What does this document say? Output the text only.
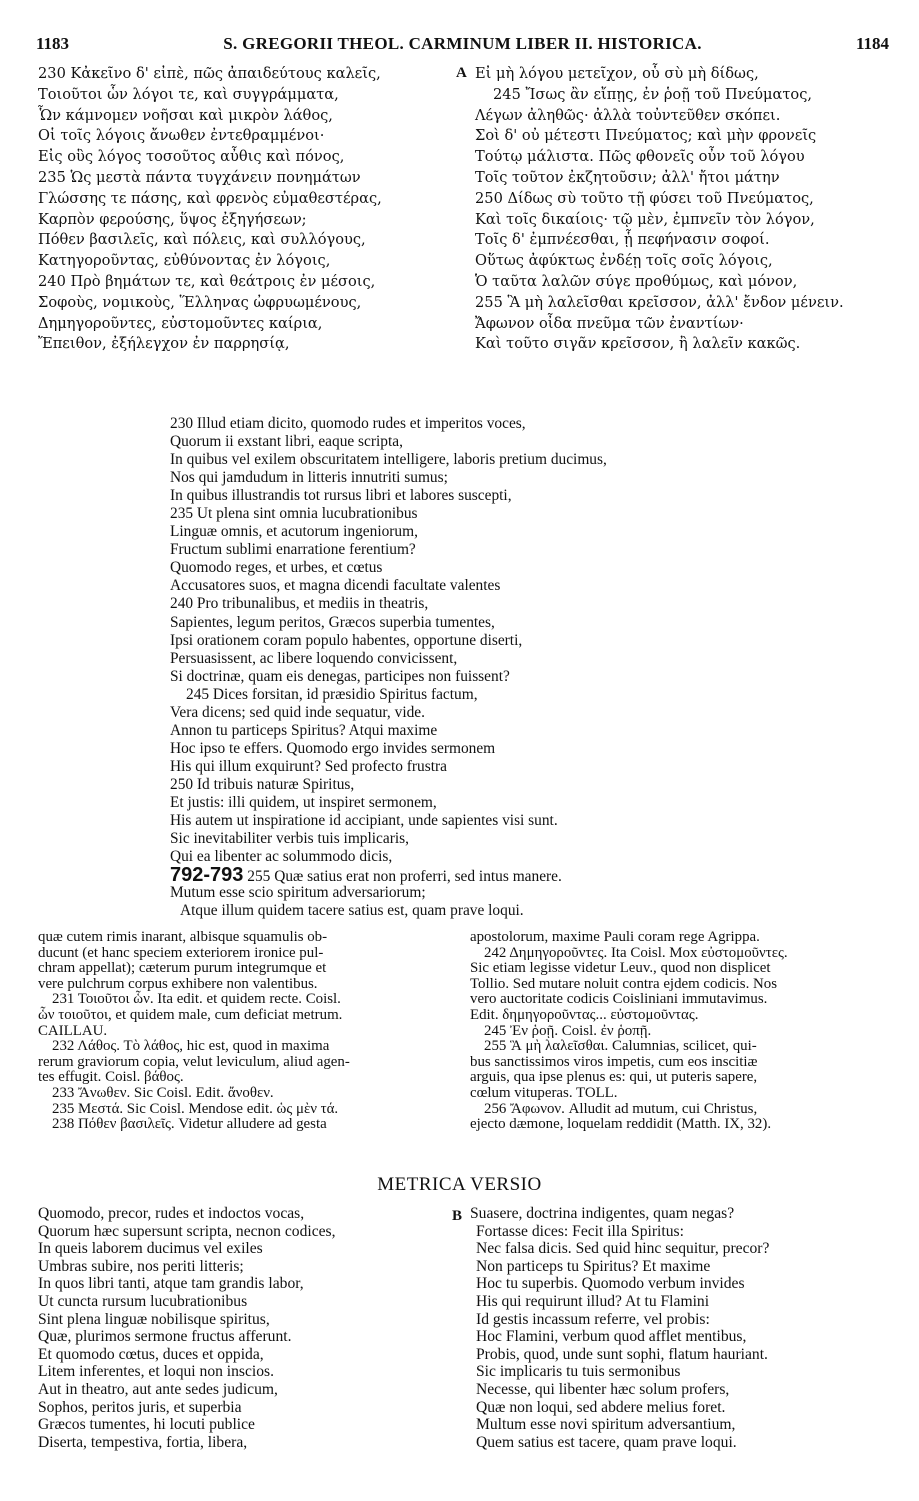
1183	S. GREGORII THEOL. CARMINUM LIBER II. HISTORICA.	1184
230 Κἀκεῖνο δ' εἰπὲ, πῶς ἀπαιδεύτους καλεῖς,
Τοιοῦτοι ὧν λόγοι τε, καὶ συγγράμματα,
Ὧν κάμνομεν νοῆσαι καὶ μικρὸν λάθος,
Οἱ τοῖς λόγοις ἄνωθεν ἐντεθραμμένοι·
Εἰς οὓς λόγος τοσοῦτος αὖθις καὶ πόνος,
235 Ὡς μεστὰ πάντα τυγχάνειν πονημάτων
Γλώσσης τε πάσης, καὶ φρενὸς εὐμαθεστέρας,
Καρπὸν φερούσης, ὕψος ἐξηγήσεων;
Πόθεν βασιλεῖς, καὶ πόλεις, καὶ συλλόγους,
Κατηγοροῦντας, εὐθύνοντας ἐν λόγοις,
240 Πρὸ βημάτων τε, καὶ θεάτροις ἐν μέσοις,
Σοφοὺς, νομικοὺς, Ἕλληνας ὠφρυωμένους,
Δημηγοροῦντες, εὐστομοῦντες καίρια,
Ἔπειθον, ἐξήλεγχον ἐν παρρησίᾳ,
A Εἰ μὴ λόγου μετεῖχον, οὗ σὺ μὴ δίδως,
245 Ἴσως ἂν εἴπῃς, ἐν ῥοῇ τοῦ Πνεύματος,
Λέγων ἀληθῶς· ἀλλὰ τοὐντεῦθεν σκόπει.
Σοὶ δ' οὐ μέτεστι Πνεύματος; καὶ μὴν φρονεῖς
Τούτῳ μάλιστα. Πῶς φθονεῖς οὖν τοῦ λόγου
Τοῖς τοῦτον ἐκζητοῦσιν; ἀλλ' ἤτοι μάτην
250 Δίδως σὺ τοῦτο τῇ φύσει τοῦ Πνεύματος,
Καὶ τοῖς δικαίοις· τῷ μὲν, ἐμπνεῖν τὸν λόγον,
Τοῖς δ' ἐμπνέεσθαι, ᾗ πεφήνασιν σοφοί.
Οὕτως ἀφύκτως ἐνδέῃ τοῖς σοῖς λόγοις,
Ὁ ταῦτα λαλῶν σύγε προθύμως, καὶ μόνον,
255 Ἃ μὴ λαλεῖσθαι κρεῖσσον, ἀλλ' ἔνδον μένειν.
Ἄφωνον οἶδα πνεῦμα τῶν ἐναντίων·
Καὶ τοῦτο σιγᾶν κρεῖσσον, ἢ λαλεῖν κακῶς.
230 Illud etiam dicito, quomodo rudes et imperitos voces,
Quorum ii exstant libri, eaque scripta,
In quibus vel exilem obscuritatem intelligere, laboris pretium ducimus,
Nos qui jamdudum in litteris innutriti sumus;
In quibus illustrandis tot rursus libri et labores suscepti,
235 Ut plena sint omnia lucubrationibus
Linguæ omnis, et acutorum ingeniorum,
Fructum sublimi enarratione ferentium?
Quomodo reges, et urbes, et cœtus
Accusatores suos, et magna dicendi facultate valentes
240 Pro tribunalibus, et mediis in theatris,
Sapientes, legum peritos, Græcos superbia tumentes,
Ipsi orationem coram populo habentes, opportune diserti,
Persuasissent, ac libere loquendo convicissent,
Si doctrinæ, quam eis denegas, participes non fuissent?
245 Dices forsitan, id præsidio Spiritus factum,
Vera dicens; sed quid inde sequatur, vide.
Annon tu particeps Spiritus? Atqui maxime
Hoc ipso te effers. Quomodo ergo invides sermonem
His qui illum exquirunt? Sed profecto frustra
250 Id tribuis naturæ Spiritus,
Et justis: illi quidem, ut inspiret sermonem,
His autem ut inspiratione id accipiant, unde sapientes visi sunt.
Sic inevitabiliter verbis tuis implicaris,
Qui ea libenter ac solummodo dicis,
792-793 255 Quæ satius erat non proferri, sed intus manere.
Mutum esse scio spiritum adversariorum;
Atque illum quidem tacere satius est, quam prave loqui.
quæ cutem rimis inarant, albisque squamulis ob-
ducunt (et hanc speciem exteriorem ironice pul-
chram appellat); cæterum purum integrumque et
vere pulchrum corpus exhibere non valentibus.
231 Τοιοῦτοι ὧν. Ita edit. et quidem recte. Coisl.
ὧν τοιοῦτοι, et quidem male, cum deficiat metrum.
CAILLAU.
232 Λάθος. Τὸ λάθος, hic est, quod in maxima
rerum graviorum copia, velut leviculum, aliud agen-
tes effugit. Coisl. βάθος.
233 Ἄνωθεν. Sic Coisl. Edit. ἄνοθεν.
235 Μεστά. Sic Coisl. Mendose edit. ὡς μὲν τά.
238 Πόθεν βασιλεῖς. Videtur alludere ad gesta
apostolorum, maxime Pauli coram rege Agrippa.
242 Δημηγοροῦντες. Ita Coisl. Mox εὐστομοῦντες.
Sic etiam legisse videtur Leuv., quod non displicet
Tollio. Sed mutare noluit contra ejdem codicis. Nos
vero auctoritate codicis Coisliniani immutavimus.
Edit. δημηγοροῦντας... εὐστομοῦντας.
245 Ἐν ῥοῇ. Coisl. ἐν ῥοπῇ.
255 Ἃ μὴ λαλεῖσθαι. Calumnias, scilicet, qui-
bus sanctissimos viros impetis, cum eos inscitiæ
arguis, qua ipse plenus es: qui, ut puteris sapere,
cœlum vituperas. TOLL.
256 Ἄφωνον. Alludit ad mutum, cui Christus,
ejecto dæmone, loquelam reddidit (Matth. IX, 32).
METRICA VERSIO
Quomodo, precor, rudes et indoctos vocas,
Quorum hæc supersunt scripta, necnon codices,
In queis laborem ducimus vel exiles
Umbras subire, nos periti litteris;
In quos libri tanti, atque tam grandis labor,
Ut cuncta rursum lucubrationibus
Sint plena linguæ nobilisque spiritus,
Quæ, plurimos sermone fructus afferunt.
Et quomodo cœtus, duces et oppida,
Litem inferentes, et loqui non inscios.
Aut in theatro, aut ante sedes judicum,
Sophos, peritos juris, et superbia
Græcos tumentes, hi locuti publice
Diserta, tempestiva, fortia, libera,
B Suasere, doctrina indigentes, quam negas?
Fortasse dices: Fecit illa Spiritus:
Nec falsa dicis. Sed quid hinc sequitur, precor?
Non particeps tu Spiritus? Et maxime
Hoc tu superbis. Quomodo verbum invides
His qui requirunt illud? At tu Flamini
Id gestis incassum referre, vel probis:
Hoc Flamini, verbum quod afflet mentibus,
Probis, quod, unde sunt sophi, flatum hauriant.
Sic implicaris tu tuis sermonibus
Necesse, qui libenter hæc solum profers,
Quæ non loqui, sed abdere melius foret.
Multum esse novi spiritum adversantium,
Quem satius est tacere, quam prave loqui.
